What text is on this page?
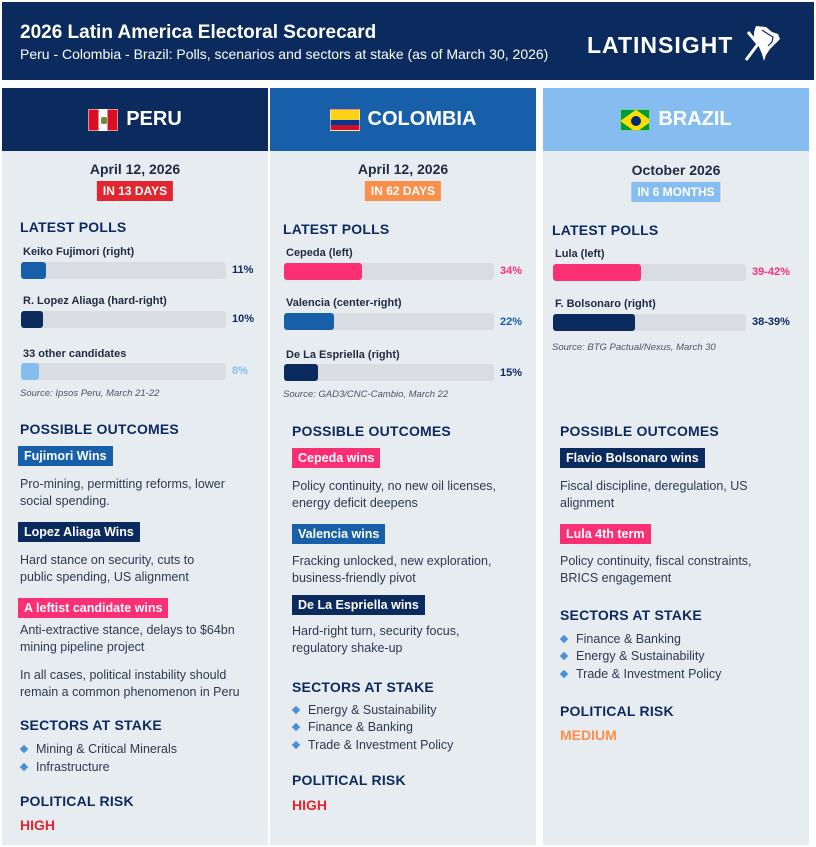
2026 Latin America Electoral Scorecard
Peru - Colombia - Brazil: Polls, scenarios and sectors at stake (as of March 30, 2026) LATINSIGHT
PERU
April 12, 2026
IN 13 DAYS
LATEST POLLS
Keiko Fujimori (right)
11%
R. Lopez Aliaga (hard-right)
10%
33 other candidates
8%
Source: Ipsos Peru, March 21-22
POSSIBLE OUTCOMES
Fujimori Wins
Pro-mining, permitting reforms, lower social spending.
Lopez Aliaga Wins
Hard stance on security, cuts to public spending, US alignment
A leftist candidate wins
Anti-extractive stance, delays to $64bn mining pipeline project
In all cases, political instability should remain a common phenomenon in Peru
SECTORS AT STAKE
Mining & Critical Minerals
Infrastructure
POLITICAL RISK
HIGH
COLOMBIA
April 12, 2026
IN 62 DAYS
LATEST POLLS
Cepeda (left)
34%
Valencia (center-right)
22%
De La Espriella (right)
15%
Source: GAD3/CNC-Cambio, March 22
POSSIBLE OUTCOMES
Cepeda wins
Policy continuity, no new oil licenses, energy deficit deepens
Valencia wins
Fracking unlocked, new exploration, business-friendly pivot
De La Espriella wins
Hard-right turn, security focus, regulatory shake-up
SECTORS AT STAKE
Energy & Sustainability
Finance & Banking
Trade & Investment Policy
POLITICAL RISK
HIGH
BRAZIL
October 2026
IN 6 MONTHS
LATEST POLLS
Lula (left)
39-42%
F. Bolsonaro (right)
38-39%
Source: BTG Pactual/Nexus, March 30
POSSIBLE OUTCOMES
Flavio Bolsonaro wins
Fiscal discipline, deregulation, US alignment
Lula 4th term
Policy continuity, fiscal constraints, BRICS engagement
SECTORS AT STAKE
Finance & Banking
Energy & Sustainability
Trade & Investment Policy
POLITICAL RISK
MEDIUM
